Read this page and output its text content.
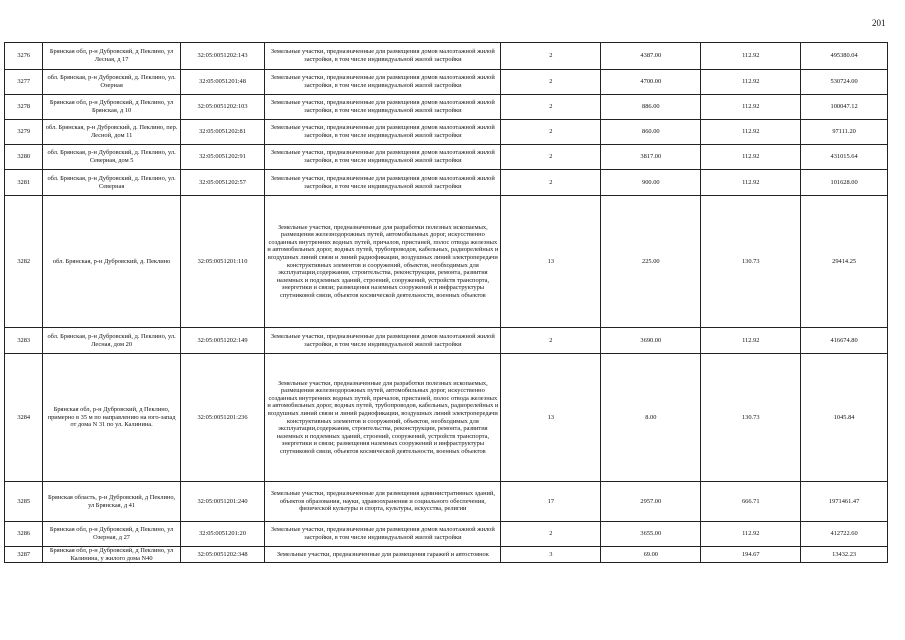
201
3276	Брянская обл, р-н Дубровский, д Пеклино, ул Лесная, д 17	32:05:0051202:143	Земельные участки, предназначенные для размещения домов малоэтажной жилой застройки, в том числе индивидуальной жилой застройки	2	4387.00	112.92	495380.04
3277	обл. Брянская, р-н Дубровский, д. Пеклино, ул. Озерная	32:05:0051201:48	Земельные участки, предназначенные для размещения домов малоэтажной жилой застройки, в том числе индивидуальной жилой застройки	2	4700.00	112.92	530724.00
3278	Брянская обл, р-н Дубровский, д Пеклино, ул Брянская, д 10	32:05:0051202:103	Земельные участки, предназначенные для размещения домов малоэтажной жилой застройки, в том числе индивидуальной жилой застройки	2	886.00	112.92	100047.12
3279	обл. Брянская, р-н Дубровский, д. Пеклино, пер. Лесной, дом 11	32:05:0051202:81	Земельные участки, предназначенные для размещения домов малоэтажной жилой застройки, в том числе индивидуальной жилой застройки	2	860.00	112.92	97111.20
3280	обл. Брянская, р-н Дубровский, д. Пеклино, ул. Северная, дом 5	32:05:0051202:91	Земельные участки, предназначенные для размещения домов малоэтажной жилой застройки, в том числе индивидуальной жилой застройки	2	3817.00	112.92	431015.64
3281	обл. Брянская, р-н Дубровский, д. Пеклино, ул. Северная	32:05:0051202:57	Земельные участки, предназначенные для размещения домов малоэтажной жилой застройки, в том числе индивидуальной жилой застройки	2	900.00	112.92	101628.00
3282	обл. Брянская, р-н Дубровский, д. Пеклино	32:05:0051201:110	Земельные участки, предназначенные для разработки полезных ископаемых, размещения железнодорожных путей, автомобильных дорог, искусственно созданных внутренних водных путей, причалов, пристаней, полос отвода железных и автомобильных дорог, водных путей, трубопроводов, кабельных, радиорелейных и воздушных линий связи и линий радиофикации, воздушных линий электропередачи конструктивных элементов и сооружений, объектов, необходимых для эксплуатации,содержания, строительства, реконструкции, ремонта, развития наземных и подземных зданий, строений, сооружений, устройств транспорта, энергетики и связи; размещения наземных сооружений и инфраструктуры спутниковой связи, объектов космической деятельности, военных объектов	13	225.00	130.73	29414.25
3283	обл. Брянская, р-н Дубровский, д. Пеклино, ул. Лесная, дом 20	32:05:0051202:149	Земельные участки, предназначенные для размещения домов малоэтажной жилой застройки, в том числе индивидуальной жилой застройки	2	3690.00	112.92	416674.80
3284	Брянская обл, р-н Дубровский, д Пеклино, примерно в 35 м по направлению на юго-запад от дома N 31 по ул. Калинина.	32:05:0051201:236	Земельные участки, предназначенные для разработки полезных ископаемых, размещения железнодорожных путей, автомобильных дорог, искусственно созданных внутренних водных путей, причалов, пристаней, полос отвода железных и автомобильных дорог, водных путей, трубопроводов, кабельных, радиорелейных и воздушных линий связи и линий радиофикации, воздушных линий электропередачи конструктивных элементов и сооружений, объектов, необходимых для эксплуатации,содержания, строительства, реконструкции, ремонта, развития наземных и подземных зданий, строений, сооружений, устройств транспорта, энергетики и связи; размещения наземных сооружений и инфраструктуры спутниковой связи, объектов космической деятельности, военных объектов	13	8.00	130.73	1045.84
3285	Брянская область, р-н Дубровский, д Пеклино, ул Брянская, д 41	32:05:0051201:240	Земельные участки, предназначенные для размещения административных зданий, объектов образования, науки, здравоохранения и социального обеспечения, физической культуры и спорта, культуры, искусства, религии	17	2957.00	666.71	1971461.47
3286	Брянская обл, р-н Дубровский, д Пеклино, ул Озерная, д 27	32:05:0051201:20	Земельные участки, предназначенные для размещения домов малоэтажной жилой застройки, в том числе индивидуальной жилой застройки	2	3655.00	112.92	412722.60
3287	Брянская обл, р-н Дубровский, д Пеклино, ул Калинина, у жилого дома N40	32:05:0051202:348	Земельные участки, предназначенные для размещения гаражей и автостоянок	3	69.00	194.67	13432.23
